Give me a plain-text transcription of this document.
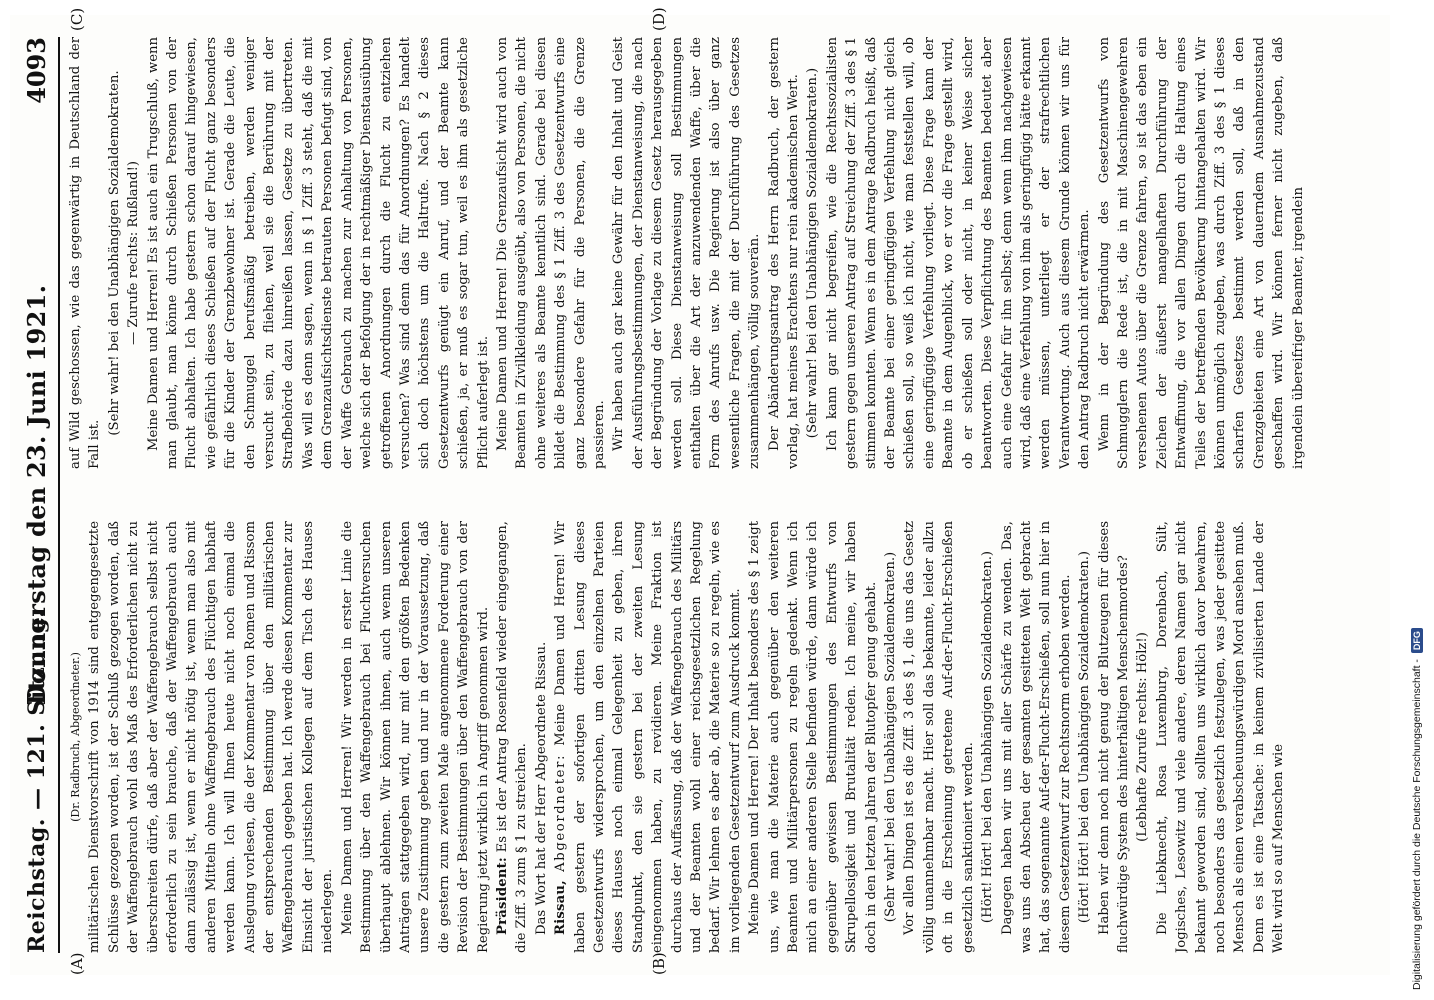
Reichstag. — 121. Sitzung.
Donnerstag den 23. Juni 1921.
4093
(A)	(B)
(C)	(D)

(Dr. Radbruch, Abgeordneter.) militärischen Dienstvorschrift von 1914 sind entgegengesetzte Schlüsse gezogen worden, ist der Schluß gezogen worden, daß der Waffengebrauch wohl das Maß des Erforderlichen nicht zu überschreiten dürfe, daß aber der Waffengebrauch selbst nicht erforderlich zu sein brauche, daß der Waffengebrauch auch dann zulässig ist, wenn er nicht nötig ist, wenn man also mit anderen Mitteln ohne Waffengebrauch des Flüchtigen habhaft werden kann. Ich will Ihnen heute nicht noch einmal die Auslegung vorlesen, die der Kommentar von Romen und Rissom der entsprechenden Bestimmung über den militärischen Waffengebrauch gegeben hat. Ich werde diesen Kommentar zur Einsicht der juristischen Kollegen auf dem Tisch des Hauses niederlegen. Meine Damen und Herren! Wir werden in erster Linie die Bestimmung über den Waffengebrauch bei Fluchtversuchen überhaupt ablehnen. Wir können ihnen, auch wenn unseren Anträgen stattgegeben wird, nur mit den größten Bedenken unsere Zustimmung geben und nur in der Voraussetzung, daß die gestern zum zweiten Male angenommene Forderung einer Revision der Bestimmungen über den Waffengebrauch von der Regierung jetzt wirklich in Angriff genommen wird. Präsident: Es ist der Antrag Rosenfeld wieder eingegangen, die Ziff. 3 zum § 1 zu streichen. Das Wort hat der Herr Abgeordnete Rissau. Rissau, Abgeordneter: Meine Damen und Herren! Wir haben gestern der sofortigen dritten Lesung dieses Gesetzentwurfs widersprochen, um den einzelnen Parteien dieses Hauses noch einmal Gelegenheit zu geben, ihren Standpunkt, den sie gestern bei der zweiten Lesung eingenommen haben, zu revidieren. Meine Fraktion ist durchaus der Auffassung, daß der Waffengebrauch des Militärs und der Beamten wohl einer reichsgesetzlichen Regelung bedarf. Wir lehnen es aber ab, die Materie so zu regeln, wie es im vorliegenden Gesetzentwurf zum Ausdruck kommt. Meine Damen und Herren! Der Inhalt besonders des § 1 zeigt uns, wie man die Materie auch gegenüber den weiteren Beamten und Militärpersonen zu regeln gedenkt. Wenn ich mich an einer anderen Stelle befinden würde, dann würde ich gegenüber gewissen Bestimmungen des Entwurfs von Skrupellosigkeit und Brutalität reden. Ich meine, wir haben doch in den letzten Jahren der Blutopfer genug gehabt. (Sehr wahr! bei den Unabhängigen Sozialdemokraten.) Vor allen Dingen ist es die Ziff. 3 des § 1, die uns das Gesetz völlig unannehmbar macht. Hier soll das bekannte, leider allzu oft in die Erscheinung getretene Auf-der-Flucht-Erschießen gesetzlich sanktioniert werden. (Hört! Hört! bei den Unabhängigen Sozialdemokraten.) Dagegen haben wir uns mit aller Schärfe zu wenden. Das, was uns den Abscheu der gesamten gesitteten Welt gebracht hat, das sogenannte Auf-der-Flucht-Erschießen, soll nun hier in diesem Gesetzentwurf zur Rechtsnorm erhoben werden. (Hört! Hört! bei den Unabhängigen Sozialdemokraten.) Haben wir denn noch nicht genug der Blutzeugen für dieses fluchwürdige System des hinterhältigen Menschenmordes? (Lebhafte Zurufe rechts: Hölz!) Die Liebknecht, Rosa Luxemburg, Dorenbach, Sült, Jogisches, Lesowitz und viele andere, deren Namen gar nicht bekannt geworden sind, sollten uns wirklich davor bewahren, noch besonders das gesetzlich festzulegen, was jeder gesittete Mensch als einen verabscheuungswürdigen Mord ansehen muß. Denn es ist eine Tatsache: in keinem zivilisierten Lande der Welt wird so auf Menschen wie

auf Wild geschossen, wie das gegenwärtig in Deutschland der Fall ist.

(Sehr wahr! bei den Unabhängigen Sozialdemokraten. — Zurufe rechts: Rußland!) Meine Damen und Herren! Es ist auch ein Trugschluß, wenn man glaubt, man könne durch Schießen Personen von der Flucht abhalten. Ich habe gestern schon darauf hingewiesen, wie gefährlich dieses Schießen auf der Flucht ganz besonders für die Kinder der Grenzbewohner ist. Gerade die Leute, die den Schmuggel berufsmäßig betreiben, werden weniger versucht sein, zu fliehen, weil sie die Berührung mit der Strafbehörde dazu hinreißen lassen, Gesetze zu übertreten. Was will es denn sagen, wenn in § 1 Ziff. 3 steht, daß die mit dem Grenzaufsichtsdienste betrauten Personen befugt sind, von der Waffe Gebrauch zu machen zur Anhaltung von Personen, welche sich der Befolgung der in rechtmäßiger Dienstausübung getroffenen Anordnungen durch die Flucht zu entziehen versuchen? Was sind denn das für Anordnungen? Es handelt sich doch höchstens um die Haltrufe. Nach § 2 dieses Gesetzentwurfs genügt ein Anruf, und der Beamte kann schießen, ja, er muß es sogar tun, weil es ihm als gesetzliche Pflicht auferlegt ist. Meine Damen und Herren! Die Grenzaufsicht wird auch von Beamten in Zivilkleidung ausgeübt, also von Personen, die nicht ohne weiteres als Beamte kenntlich sind. Gerade bei diesen bildet die Bestimmung des § 1 Ziff. 3 des Gesetzentwurfs eine ganz besondere Gefahr für die Personen, die die Grenze passieren. Wir haben auch gar keine Gewähr für den Inhalt und Geist der Ausführungsbestimmungen, der Dienstanweisung, die nach der Begründung der Vorlage zu diesem Gesetz herausgegeben werden soll. Diese Dienstanweisung soll Bestimmungen enthalten über die Art der anzuwendenden Waffe, über die Form des Anrufs usw. Die Regierung ist also über ganz wesentliche Fragen, die mit der Durchführung des Gesetzes zusammenhängen, völlig souverän. Der Abänderungsantrag des Herrn Radbruch, der gestern vorlag, hat meines Erachtens nur rein akademischen Wert. (Sehr wahr! bei den Unabhängigen Sozialdemokraten.) Ich kann gar nicht begreifen, wie die Rechtssozialisten gestern gegen unseren Antrag auf Streichung der Ziff. 3 des § 1 stimmen konnten. Wenn es in dem Antrage Radbruch heißt, daß der Beamte bei einer geringfügigen Verfehlung nicht gleich schießen soll, so weiß ich nicht, wie man feststellen will, ob eine geringfügige Verfehlung vorliegt. Diese Frage kann der Beamte in dem Augenblick, wo er vor die Frage gestellt wird, ob er schießen soll oder nicht, in keiner Weise sicher beantworten. Diese Verpflichtung des Beamten bedeutet aber auch eine Gefahr für ihn selbst; denn wenn ihm nachgewiesen wird, daß eine Verfehlung von ihm als geringfügig hätte erkannt werden müssen, unterliegt er der strafrechtlichen Verantwortung. Auch aus diesem Grunde können wir uns für den Antrag Radbruch nicht erwärmen. Wenn in der Begründung des Gesetzentwurfs von Schmugglern die Rede ist, die in mit Maschinengewehren versehenen Autos über die Grenze fahren, so ist das eben ein Zeichen der äußerst mangelhaften Durchführung der Entwaffnung, die vor allen Dingen durch die Haltung eines Teiles der betreffenden Bevölkerung hintangehalten wird. Wir können unmöglich zugeben, was durch Ziff. 3 des § 1 dieses scharfen Gesetzes bestimmt werden soll, daß in den Grenzgebieten eine Art von dauerndem Ausnahmezustand geschaffen wird. Wir können ferner nicht zugeben, daß irgendein übereifriger Beamter, irgendein

Digitalisierung gefördert durch die Deutsche Forschungsgemeinschaft -
DFG
